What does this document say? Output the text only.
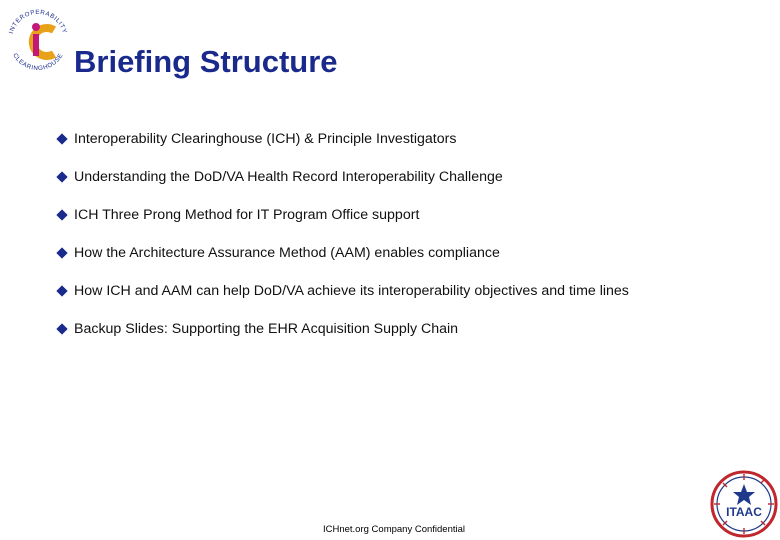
INTEROPERABILITY
CLEARINGHOUSE
iC Briefing Structure
Interoperability Clearinghouse (ICH) & Principle Investigators
Understanding the DoD/VA Health Record Interoperability Challenge
ICH Three Prong Method for IT Program Office support
How the Architecture Assurance Method (AAM) enables compliance
How ICH and AAM can help DoD/VA achieve its interoperability objectives and time lines
Backup Slides: Supporting the EHR Acquisition Supply Chain
ICHnet.org Company Confidential
ITAAC
